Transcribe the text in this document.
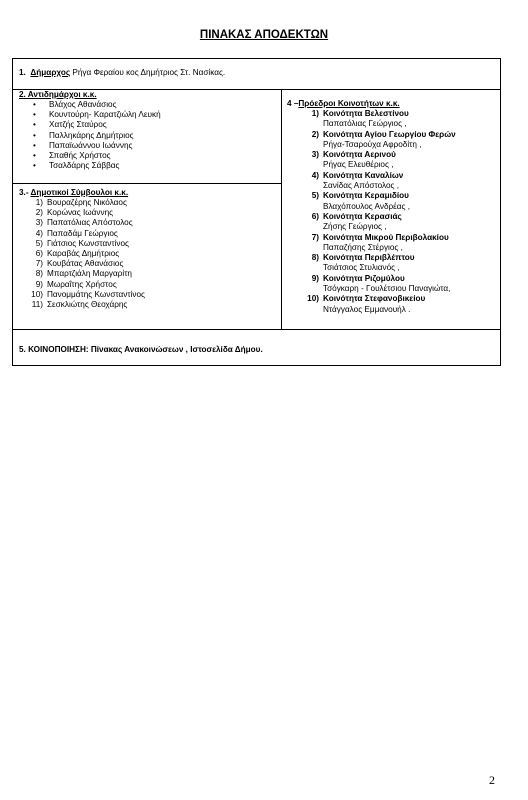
ΠΙΝΑΚΑΣ ΑΠΟΔΕΚΤΩΝ
1. Δήμαρχος Ρήγα Φεραίου κος Δημήτριος Στ. Νασίκας.
2. Αντιδημάρχοι κ.κ.
• Βλάχος Αθανάσιος
• Κουντούρη- Καρατζιώλη Λευκή
• Χατζής Σταύρος
• Παλληκάρης Δημήτριος
• Παπαϊωάννου Ιωάννης
• Σπαθής Χρήστος
• Τσαλδάρης Σάββας
3.- Δημοτικοί Σύμβουλοι κ.κ.
1) Βουραζέρης Νικόλαος
2) Κορώνας Ιωάννης
3) Παπατόλιας Απόστολος
4) Παπαδάμ Γεώργιος
5) Γιάτσιος Κωνσταντίνος
6) Καραβάς Δημήτριος
7) Κουβάτας Αθανάσιος
8) Μπαρτζιάλη Μαργαρίτη
9) Μωραΐτης Χρήστος
10) Πανομμάτης Κωνσταντίνος
11) Σεσκλιώτης Θεοχάρης
4 –Πρόεδροι Κοινοτήτων κ.κ.
1) Κοινότητα Βελεστίνου
Παπατόλιας Γεώργιος ,
2) Κοινότητα Αγίου Γεωργίου Φερών
Ρήγα-Τσαρούχα Αφροδίτη ,
3) Κοινότητα Αερινού
Ρήγας Ελευθέριος ,
4) Κοινότητα Καναλίων
Σανίδας Απόστολος ,
5) Κοινότητα Κεραμιδίου
Βλαχόπουλος Ανδρέας ,
6) Κοινότητα Κερασιάς
Ζήσης Γεώργιος ,
7) Κοινότητα Μικρού Περιβολακίου
Παπαζήσης Στέργιος ,
8) Κοινότητα Περιβλέπτου
Τσιάτσιος Στυλιανός ,
9) Κοινότητα Ριζομύλου
Τσόγκαρη - Γουλέτσιου Παναγιώτα,
10) Κοινότητα Στεφανοβικείου
Ντάγγαλος Εμμανουήλ .
5. ΚΟΙΝΟΠΟΙΗΣΗ: Πίνακας Ανακοινώσεων , Ιστοσελίδα Δήμου.
2
